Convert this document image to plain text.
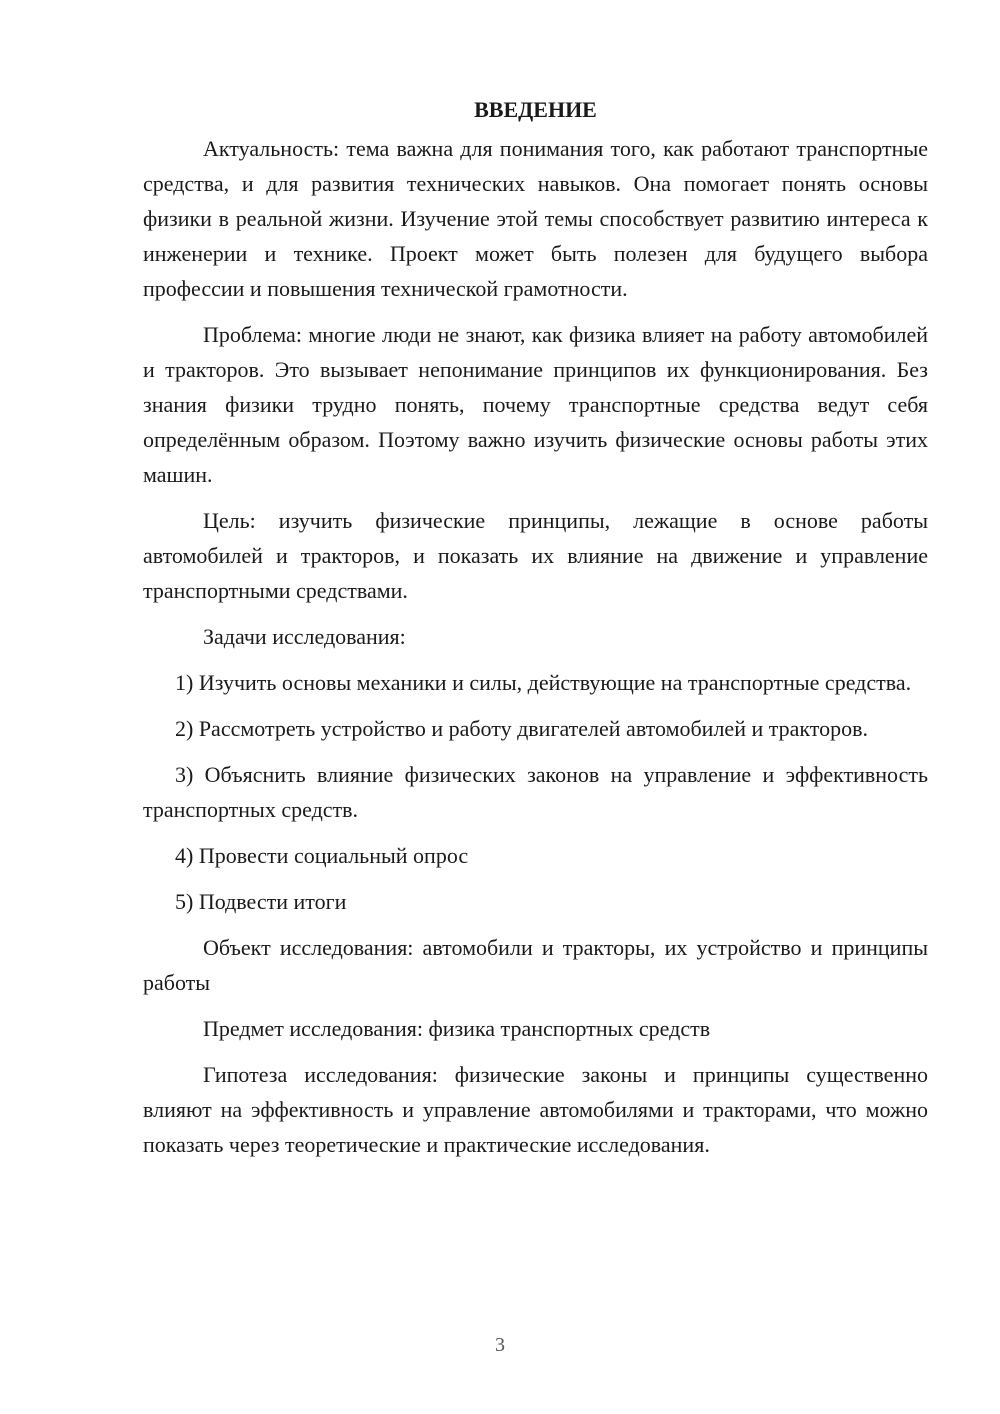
ВВЕДЕНИЕ

Актуальность: тема важна для понимания того, как работают транспортные средства, и для развития технических навыков. Она помогает понять основы физики в реальной жизни. Изучение этой темы способствует развитию интереса к инженерии и технике. Проект может быть полезен для будущего выбора профессии и повышения технической грамотности.

Проблема: многие люди не знают, как физика влияет на работу автомобилей и тракторов. Это вызывает непонимание принципов их функционирования. Без знания физики трудно понять, почему транспортные средства ведут себя определённым образом. Поэтому важно изучить физические основы работы этих машин.

Цель: изучить физические принципы, лежащие в основе работы автомобилей и тракторов, и показать их влияние на движение и управление транспортными средствами.

Задачи исследования:

1) Изучить основы механики и силы, действующие на транспортные средства.

2) Рассмотреть устройство и работу двигателей автомобилей и тракторов.

3) Объяснить влияние физических законов на управление и эффективность транспортных средств.

4) Провести социальный опрос

5) Подвести итоги

Объект исследования: автомобили и тракторы, их устройство и принципы работы

Предмет исследования: физика транспортных средств

Гипотеза исследования: физические законы и принципы существенно влияют на эффективность и управление автомобилями и тракторами, что можно показать через теоретические и практические исследования.

3
